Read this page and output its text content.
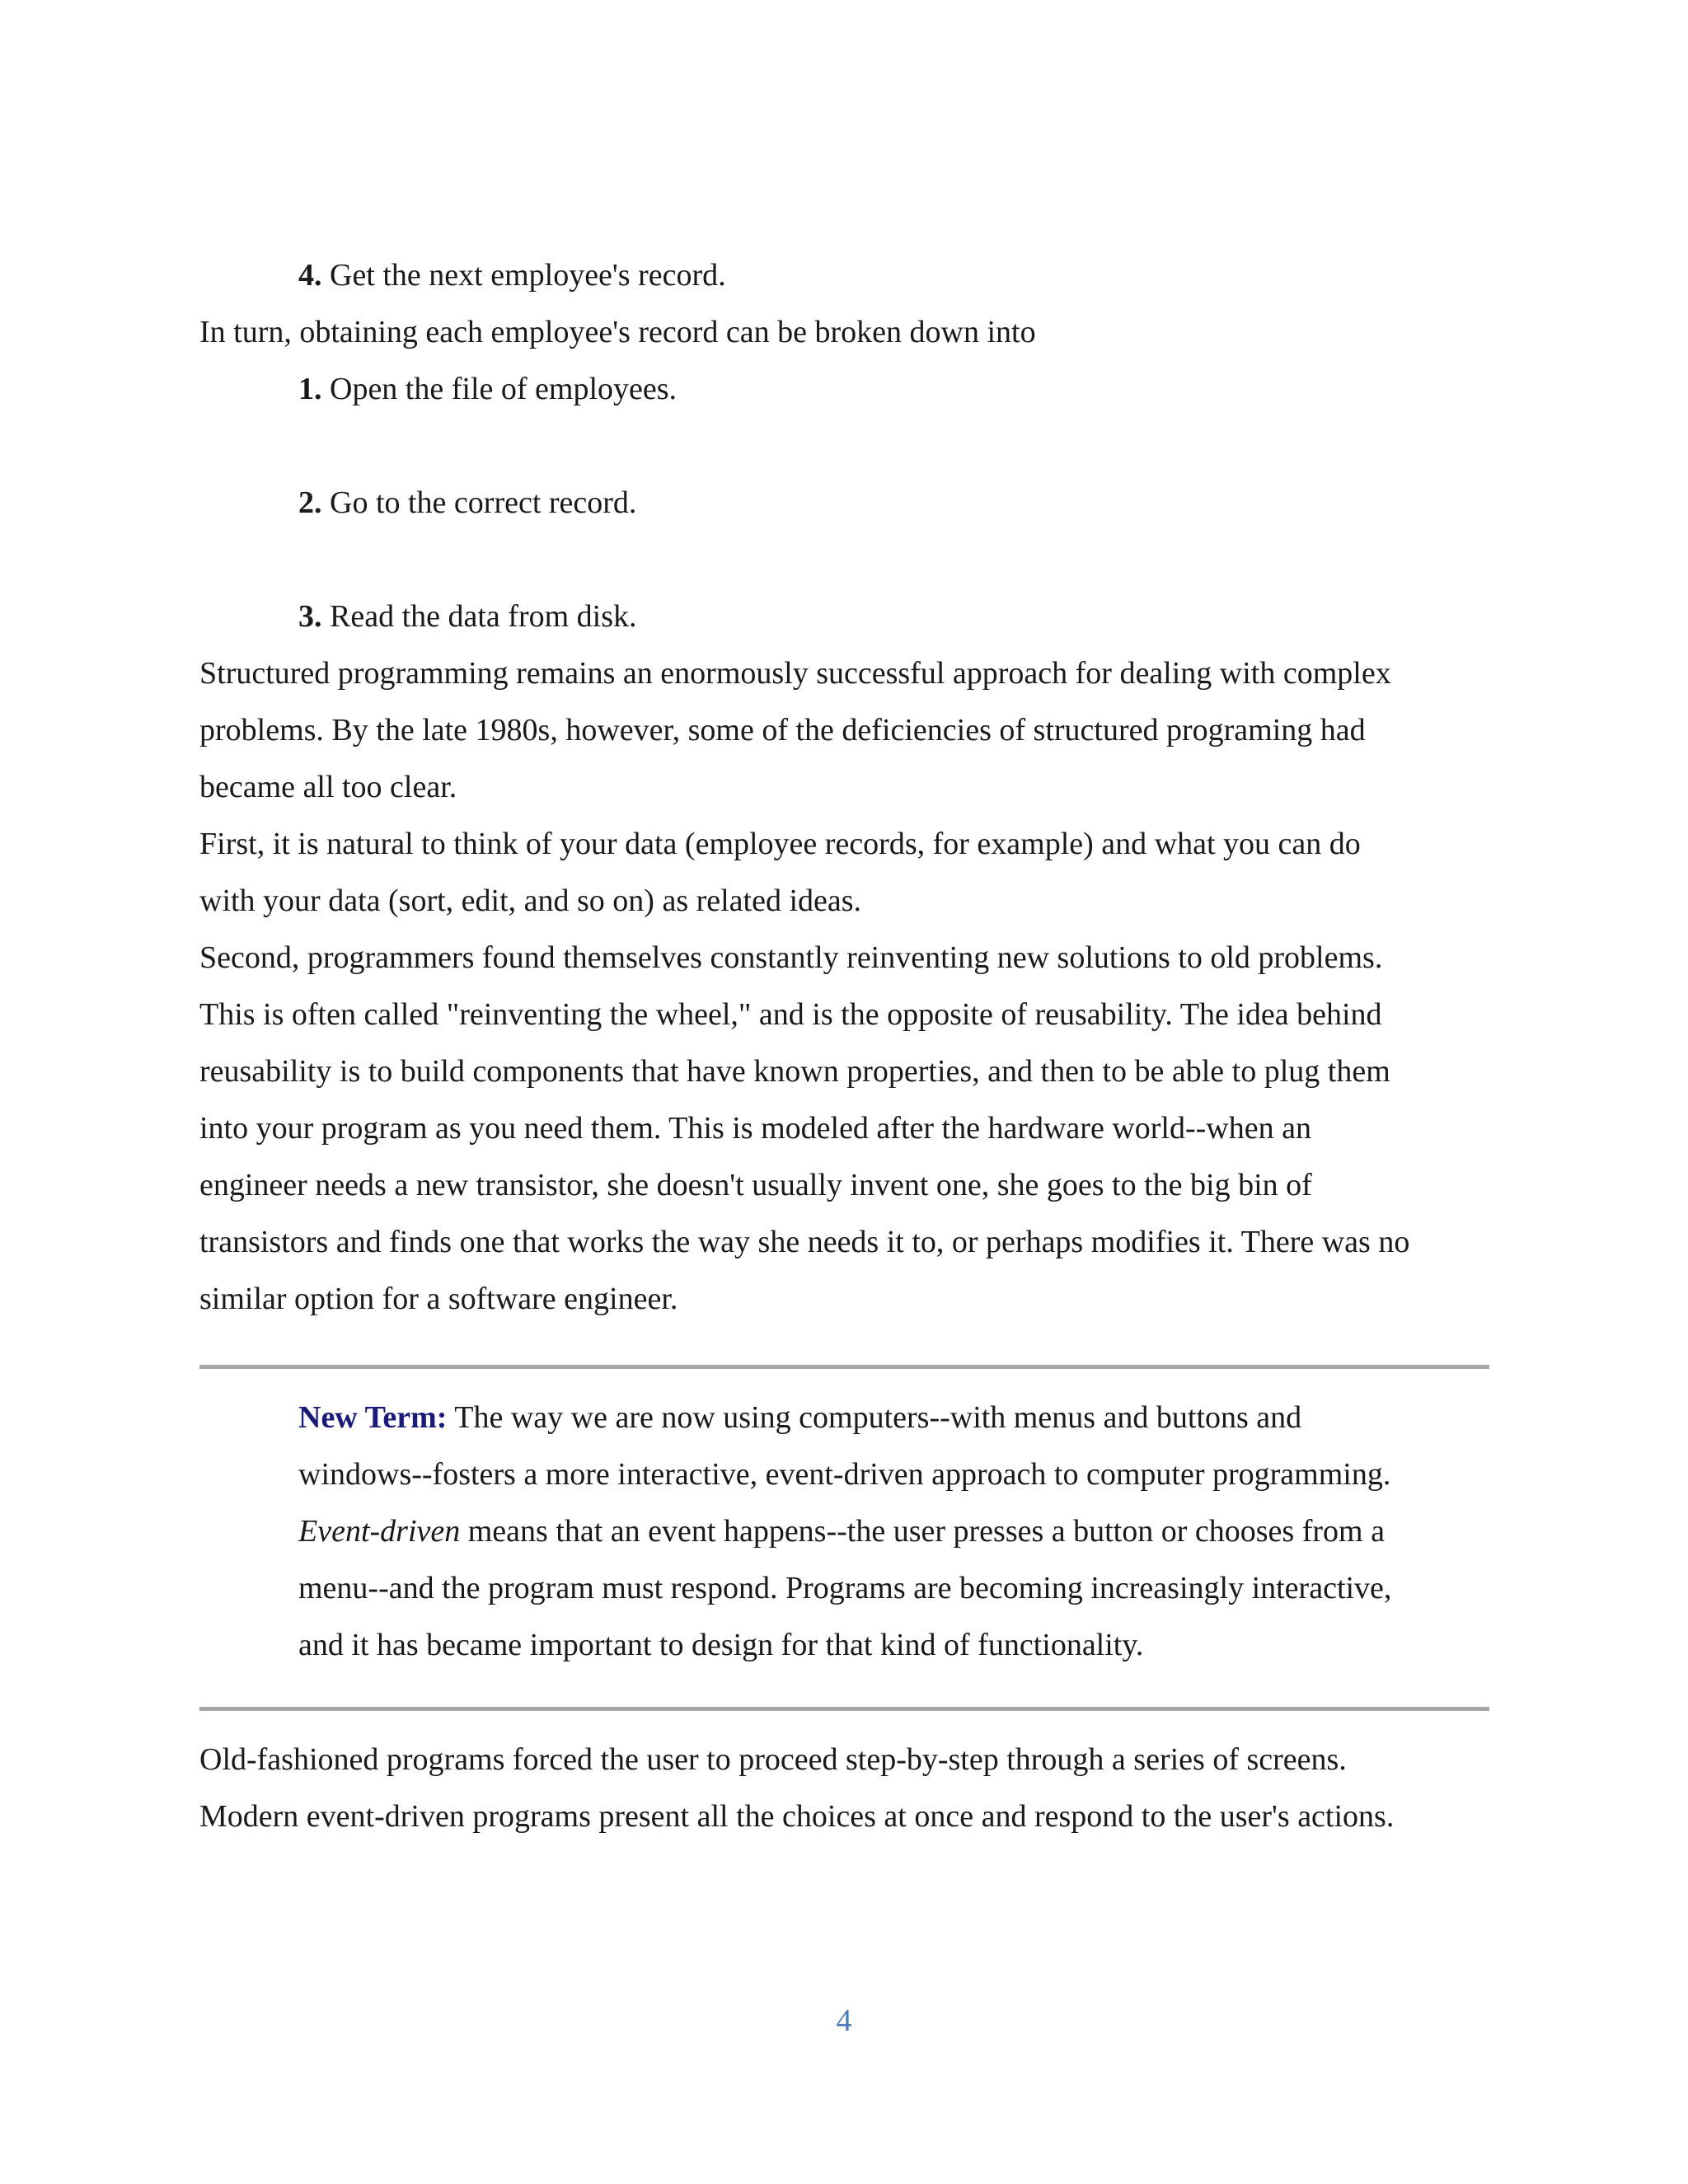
4. Get the next employee's record.

In turn, obtaining each employee's record can be broken down into

1. Open the file of employees.

2. Go to the correct record.

3. Read the data from disk.

Structured programming remains an enormously successful approach for dealing with complex

problems. By the late 1980s, however, some of the deficiencies of structured programing had

became all too clear.

First, it is natural to think of your data (employee records, for example) and what you can do

with your data (sort, edit, and so on) as related ideas.

Second, programmers found themselves constantly reinventing new solutions to old problems.

This is often called "reinventing the wheel," and is the opposite of reusability. The idea behind

reusability is to build components that have known properties, and then to be able to plug them

into your program as you need them. This is modeled after the hardware world--when an

engineer needs a new transistor, she doesn't usually invent one, she goes to the big bin of

transistors and finds one that works the way she needs it to, or perhaps modifies it. There was no

similar option for a software engineer.

New Term: The way we are now using computers--with menus and buttons and

windows--fosters a more interactive, event-driven approach to computer programming.

Event-driven means that an event happens--the user presses a button or chooses from a

menu--and the program must respond. Programs are becoming increasingly interactive,

and it has became important to design for that kind of functionality.

Old-fashioned programs forced the user to proceed step-by-step through a series of screens.

Modern event-driven programs present all the choices at once and respond to the user's actions.

4
